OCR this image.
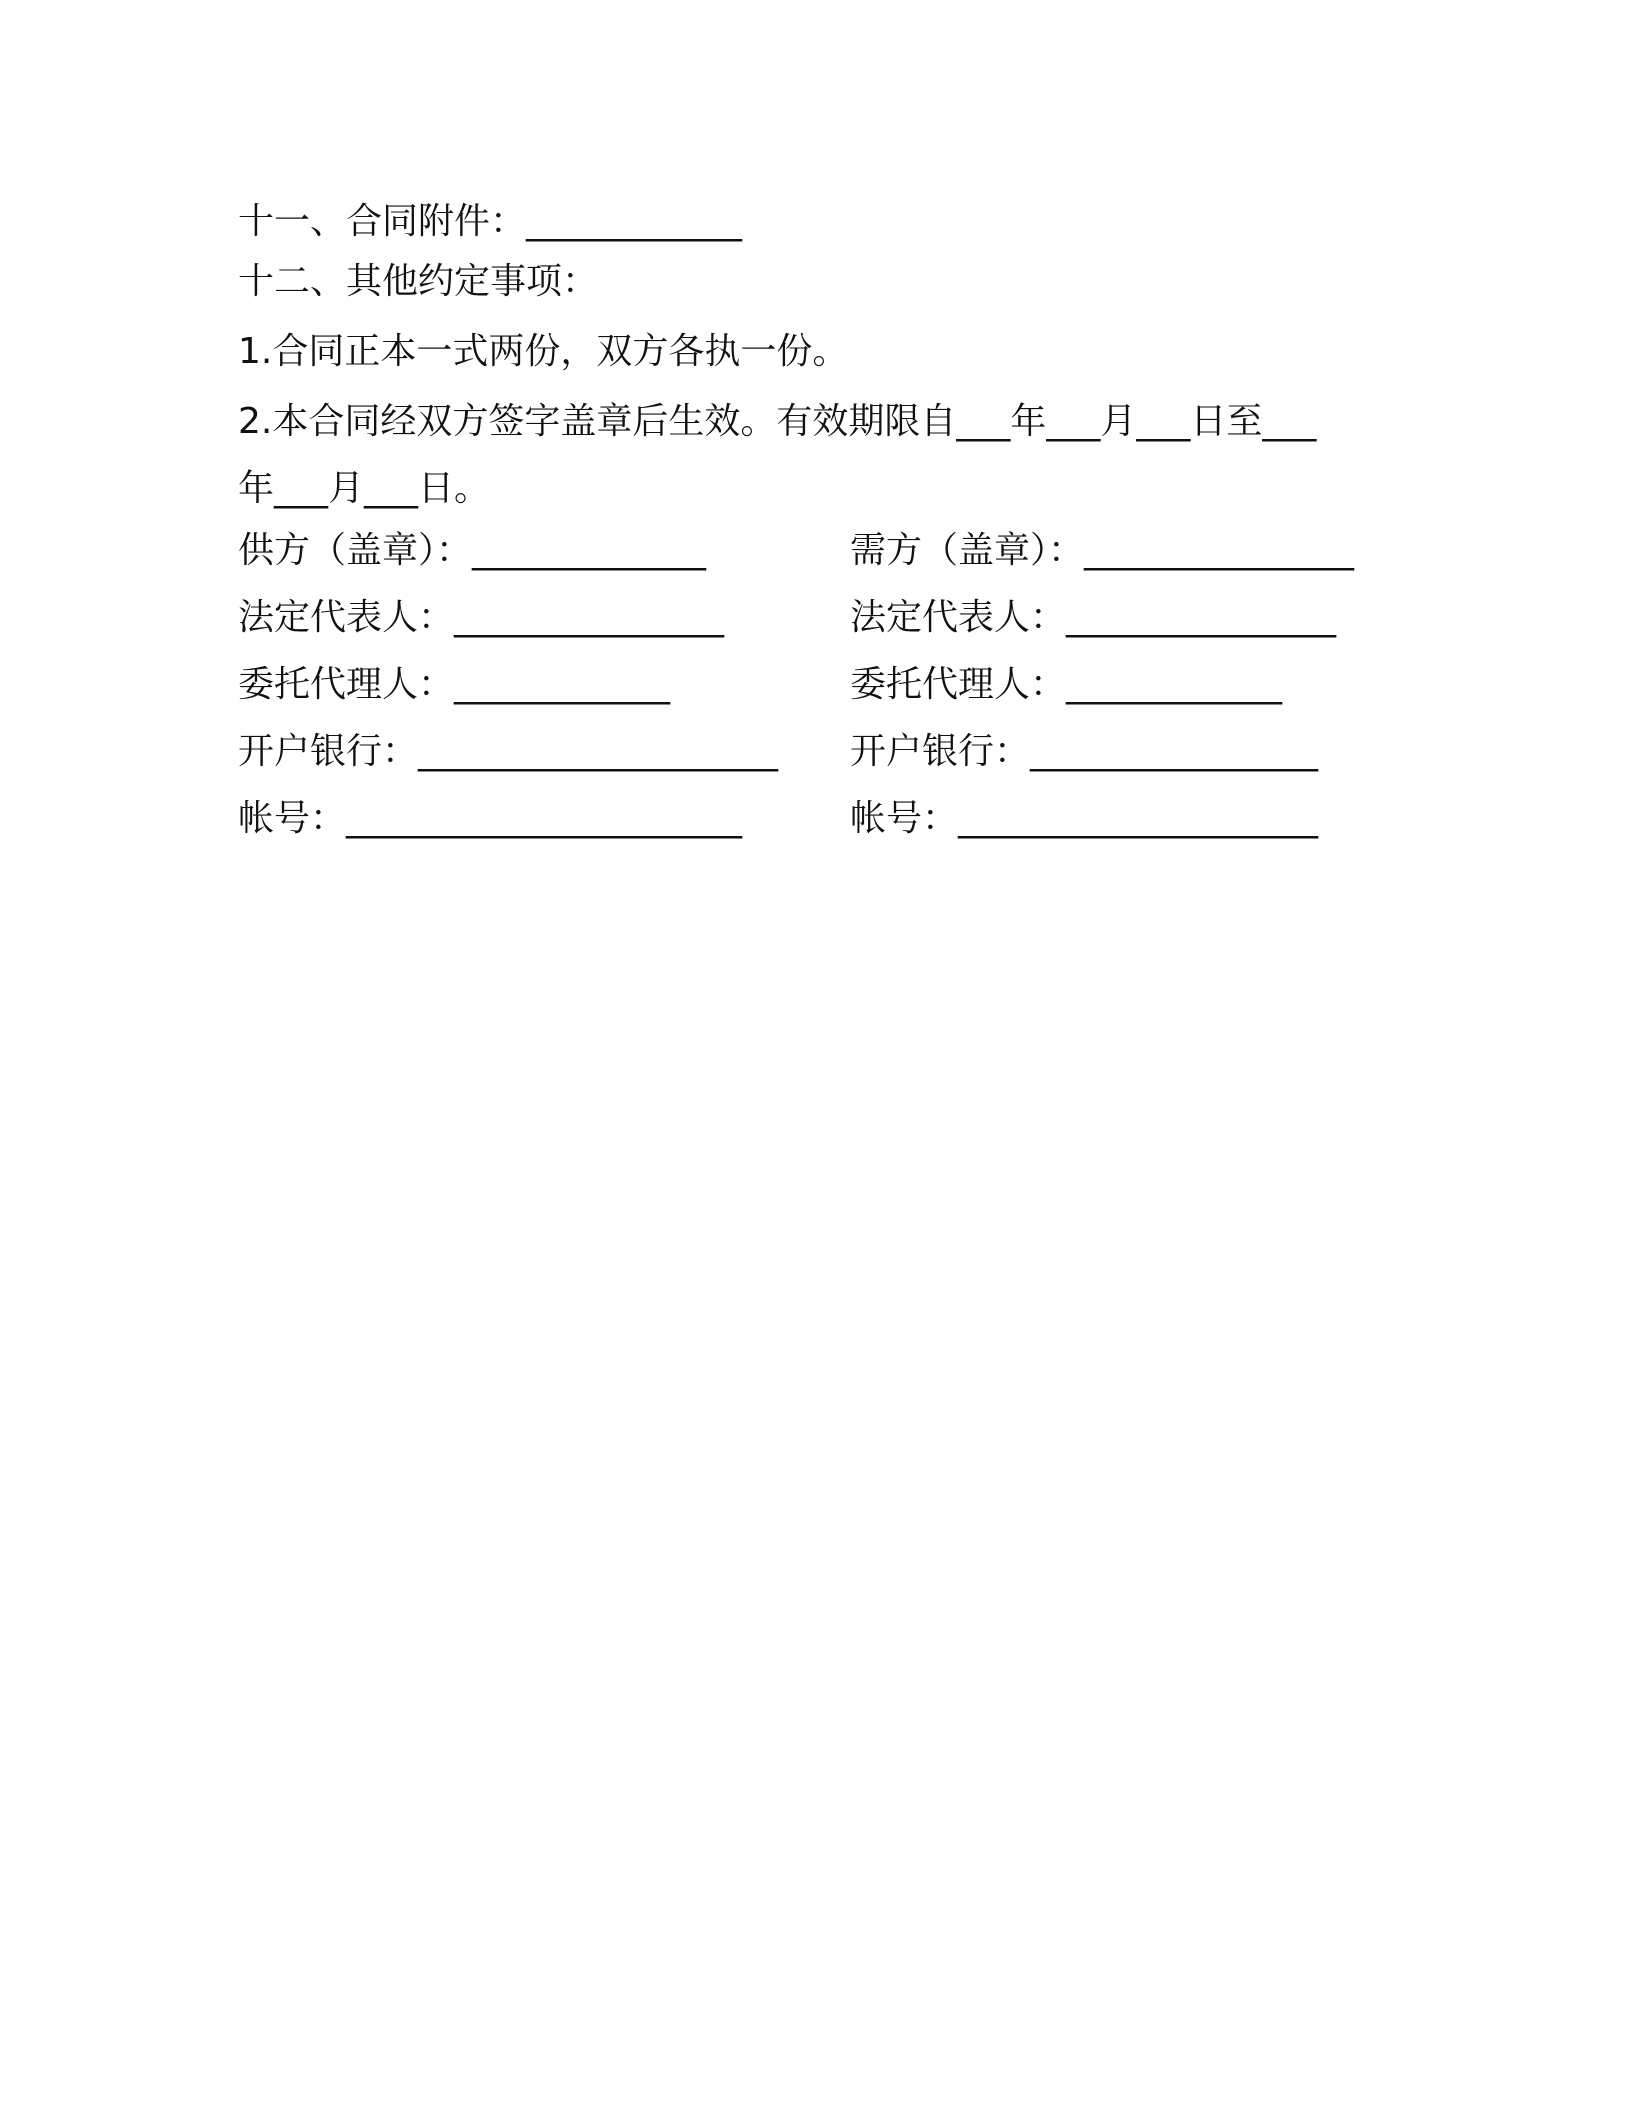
十一、合同附件：____________
十二、其他约定事项：
1.合同正本一式两份，双方各执一份。
2.本合同经双方签字盖章后生效。有效期限自___年___月___日至___
年___月___日。
供方（盖章）：_____________	需方（盖章）：_______________
法定代表人：_______________	法定代表人：_______________
委托代理人：____________	委托代理人：____________
开户银行：____________________ 开户银行：________________
帐号：______________________	帐号：____________________
